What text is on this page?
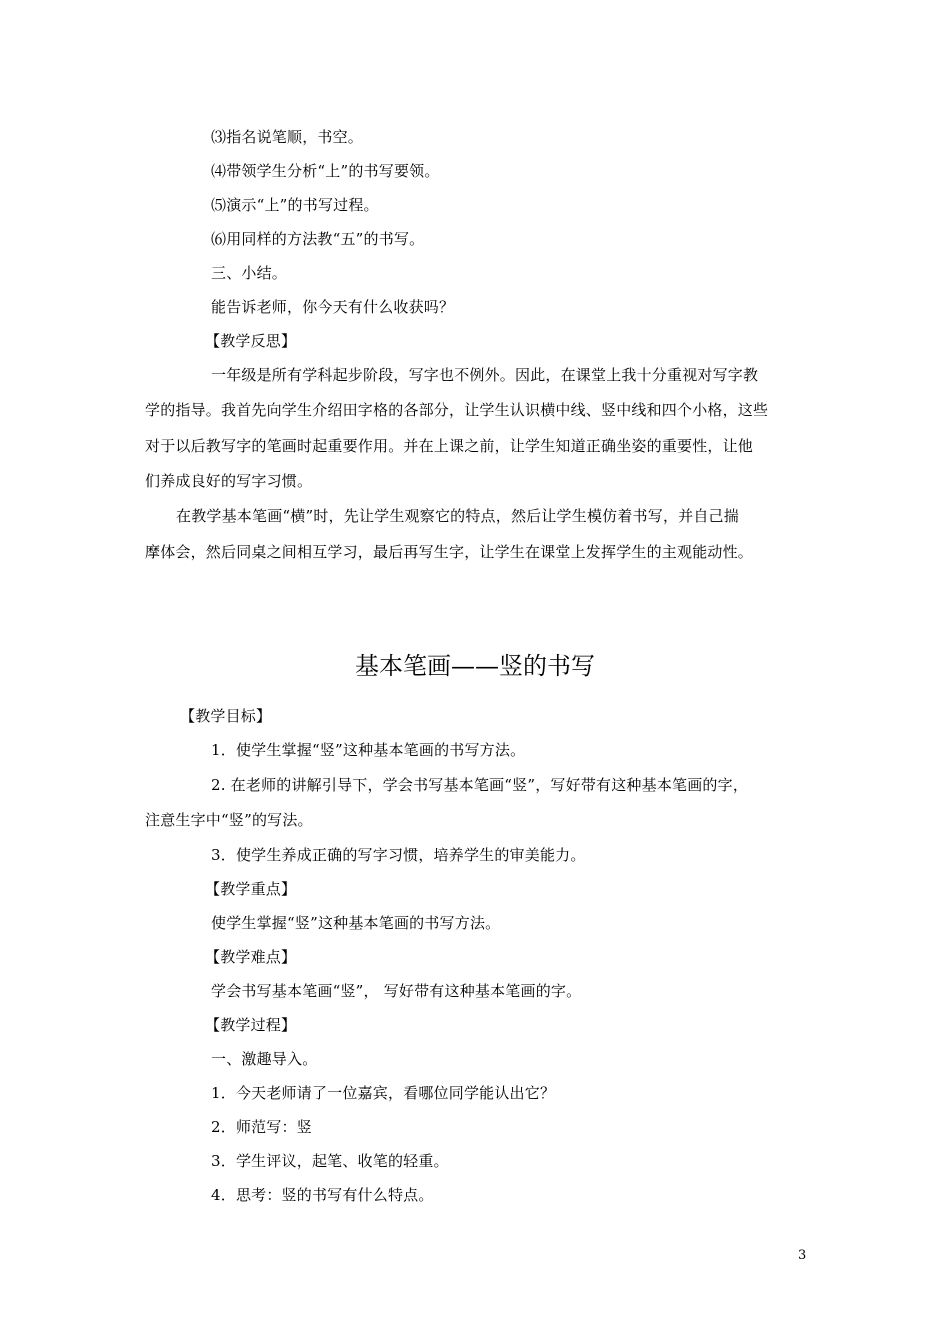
⑶指名说笔顺，书空。
⑷带领学生分析“上”的书写要领。
⑸演示“上”的书写过程。
⑹用同样的方法教“五”的书写。
三、小结。
能告诉老师，你今天有什么收获吗？
【教学反思】
一年级是所有学科起步阶段，写字也不例外。因此，在课堂上我十分重视对写字教
学的指导。我首先向学生介绍田字格的各部分，让学生认识横中线、竖中线和四个小格，这些
对于以后教写字的笔画时起重要作用。并在上课之前，让学生知道正确坐姿的重要性，让他
们养成良好的写字习惯。
在教学基本笔画“横”时，先让学生观察它的特点，然后让学生模仿着书写，并自己揣
摩体会，然后同桌之间相互学习，最后再写生字，让学生在课堂上发挥学生的主观能动性。
基本笔画——竖的书写
【教学目标】
1．使学生掌握“竖”这种基本笔画的书写方法。
2. 在老师的讲解引导下，学会书写基本笔画“竖”，写好带有这种基本笔画的字，
注意生字中“竖”的写法。
3．使学生养成正确的写字习惯，培养学生的审美能力。
【教学重点】
使学生掌握“竖”这种基本笔画的书写方法。
【教学难点】
学会书写基本笔画“竖”， 写好带有这种基本笔画的字。
【教学过程】
一、激趣导入。
1．今天老师请了一位嘉宾，看哪位同学能认出它？
2．师范写：竖
3．学生评议，起笔、收笔的轻重。
4．思考：竖的书写有什么特点。
3
